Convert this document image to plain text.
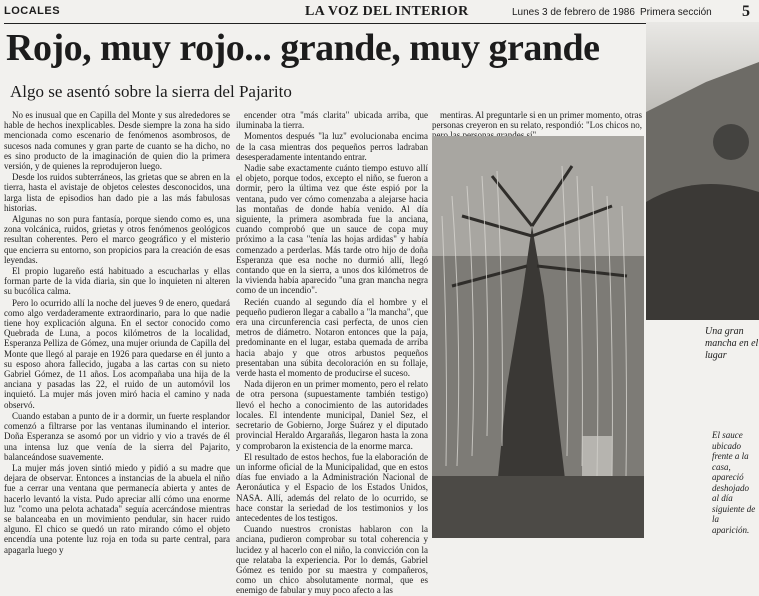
LOCALES	LA VOZ DEL INTERIOR	Lunes 3 de febrero de 1986 Primera sección 5
Rojo, muy rojo... grande, muy grande
Algo se asentó sobre la sierra del Pajarito

No es inusual que en Capilla del Monte y sus alrededores se hable de hechos inexplicables. Desde siempre la zona ha sido mencionada como escenario de fenómenos asombrosos, de sucesos nada comunes y gran parte de cuanto se ha dicho, no es sino producto de la imaginación de quien dio la primera versión, y de quienes la reprodujeron luego.

Desde los ruidos subterráneos, las grietas que se abren en la tierra, hasta el avistaje de objetos celestes desconocidos, una larga lista de episodios han dado pie a las más fabulosas historias.

Algunas no son pura fantasía, porque siendo como es, una zona volcánica, ruidos, grietas y otros fenómenos geológicos resultan coherentes. Pero el marco geográfico y el misterio que encierra su entorno, son propicios para la creación de esas leyendas.

El propio lugareño está habituado a escucharlas y ellas forman parte de la vida diaria, sin que lo inquieten ni alteren su bucólica calma.

Pero lo ocurrido allí la noche del jueves 9 de enero, quedará como algo verdaderamente extraordinario, para lo que nadie tiene hoy explicación alguna. En el sector conocido como Quebrada de Luna, a pocos kilómetros de la localidad, Esperanza Pelliza de Gómez, una mujer oriunda de Capilla del Monte que llegó al paraje en 1926 para quedarse en él junto a su esposo ahora fallecido, jugaba a las cartas con su nieto Gabriel Gómez, de 11 años. Los acompañaba una hija de la anciana y pasadas las 22, el ruido de un automóvil los inquietó. La mujer más joven miró hacia el camino y nada observó.

Cuando estaban a punto de ir a dormir, un fuerte resplandor comenzó a filtrarse por las ventanas iluminando el interior. Doña Esperanza se asomó por un vidrio y vio a través de él una intensa luz que venía de la sierra del Pajarito, balanceándose suavemente.

La mujer más joven sintió miedo y pidió a su madre que dejara de observar. Entonces a instancias de la abuela el niño fue a cerrar una ventana que permanecía abierta y antes de hacerlo levantó la vista. Pudo apreciar allí cómo una enorme luz "como una pelota achatada" seguía acercándose mientras se balanceaba en un movimiento pendular, sin hacer ruido alguno. El chico se quedó un rato mirando cómo el objeto encendía una potente luz roja en toda su parte central, para apagarla luego y

encender otra "más clarita" ubicada arriba, que iluminaba la tierra.

Momentos después "la luz" evolucionaba encima de la casa mientras dos pequeños perros ladraban desesperadamente intentando entrar.

Nadie sabe exactamente cuánto tiempo estuvo allí el objeto, porque todos, excepto el niño, se fueron a dormir, pero la última vez que éste espió por la ventana, pudo ver cómo comenzaba a alejarse hacia las montañas de donde había venido. Al día siguiente, la primera asombrada fue la anciana, cuando comprobó que un sauce de copa muy próximo a la casa "tenía las hojas ardidas" y había comenzado a perderlas. Más tarde otro hijo de doña Esperanza que esa noche no durmió allí, llegó contando que en la sierra, a unos dos kilómetros de la vivienda había aparecido "una gran mancha negra como de un incendio".

Recién cuando al segundo día el hombre y el pequeño pudieron llegar a caballo a "la mancha", que era una circunferencia casi perfecta, de unos cien metros de diámetro. Notaron entonces que la paja, predominante en el lugar, estaba quemada de arriba hacia abajo y que otros arbustos pequeños presentaban una súbita decoloración en su follaje, verde hasta el momento de producirse el suceso.

Nada dijeron en un primer momento, pero el relato de otra persona (supuestamente también testigo) llevó el hecho a conocimiento de las autoridades locales. El intendente municipal, Daniel Sez, el secretario de Gobierno, Jorge Suárez y el diputado provincial Heraldo Argarañás, llegaron hasta la zona y comprobaron la existencia de la enorme marca.

El resultado de estos hechos, fue la elaboración de un informe oficial de la Municipalidad, que en estos días fue enviado a la Administración Nacional de Aeronáutica y el Espacio de los Estados Unidos, NASA. Allí, además del relato de lo ocurrido, se hace constar la seriedad de los testimonios y los antecedentes de los testigos.

Cuando nuestros cronistas hablaron con la anciana, pudieron comprobar su total coherencia y lucidez y al hacerlo con el niño, la convicción con la que relataba la experiencia. Por lo demás, Gabriel Gómez es tenido por su maestra y compañeros, como un chico absolutamente normal, que es enemigo de fabular y muy poco afecto a las

mentiras. Al preguntarle si en un primer momento, otras personas creyeron en su relato, respondió: "Los chicos no,

Una gran mancha en el lugar
El sauce ubicado frente a la casa, apareció deshojado al día siguiente de la aparición.
